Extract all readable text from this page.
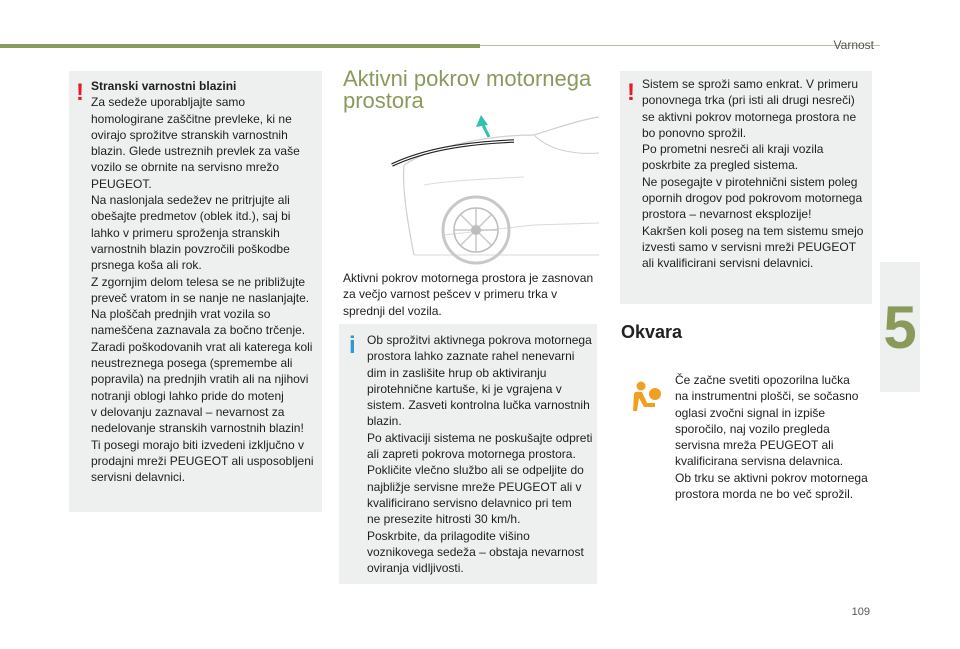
Varnost
5
109
! Stranski varnostni blazini

Za sedeže uporabljajte samo

homologirane zaščitne prevleke, ki ne

ovirajo sprožitve stranskih varnostnih

blazin. Glede ustreznih prevlek za vaše

vozilo se obrnite na servisno mrežo

PEUGEOT.

Na naslonjala sedežev ne pritrjujte ali

obešajte predmetov (oblek itd.), saj bi

lahko v primeru sproženja stranskih

varnostnih blazin povzročili poškodbe

prsnega koša ali rok.

Z zgornjim delom telesa se ne približujte

preveč vratom in se nanje ne naslanjajte.

Na ploščah prednjih vrat vozila so

nameščena zaznavala za bočno trčenje.

Zaradi poškodovanih vrat ali katerega koli

neustreznega posega (spremembe ali

popravila) na prednjih vratih ali na njihovi

notranji oblogi lahko pride do motenj

v delovanju zaznaval – nevarnost za

nedelovanje stranskih varnostnih blazin!

Ti posegi morajo biti izvedeni izključno v

prodajni mreži PEUGEOT ali usposobljeni

servisni delavnici.

Aktivni pokrov motornega
prostora
Aktivni pokrov motornega prostora je zasnovan
za večjo varnost pešcev v primeru trka v
sprednji del vozila.
i Ob sprožitvi aktivnega pokrova motornega

prostora lahko zaznate rahel nenevarni

dim in zaslišite hrup ob aktiviranju

pirotehnične kartuše, ki je vgrajena v

sistem. Zasveti kontrolna lučka varnostnih

blazin.

Po aktivaciji sistema ne poskušajte odpreti

ali zapreti pokrova motornega prostora.

Pokličite vlečno službo ali se odpeljite do

najbližje servisne mreže PEUGEOT ali v

kvalificirano servisno delavnico pri tem

ne presezite hitrosti 30 km/h.

Poskrbite, da prilagodite višino

voznikovega sedeža – obstaja nevarnost

oviranja vidljivosti.

! Sistem se sproži samo enkrat. V primeru

ponovnega trka (pri isti ali drugi nesreči)

se aktivni pokrov motornega prostora ne

bo ponovno sprožil.

Po prometni nesreči ali kraji vozila

poskrbite za pregled sistema.

Ne posegajte v pirotehnični sistem poleg

opornih drogov pod pokrovom motornega

prostora – nevarnost eksplozije!

Kakršen koli poseg na tem sistemu smejo

izvesti samo v servisni mreži PEUGEOT

ali kvalificirani servisni delavnici.

Okvara
Če začne svetiti opozorilna lučka
na instrumentni plošči, se sočasno
oglasi zvočni signal in izpiše
sporočilo, naj vozilo pregleda
servisna mreža PEUGEOT ali
kvalificirana servisna delavnica.
Ob trku se aktivni pokrov motornega
prostora morda ne bo več sprožil.
